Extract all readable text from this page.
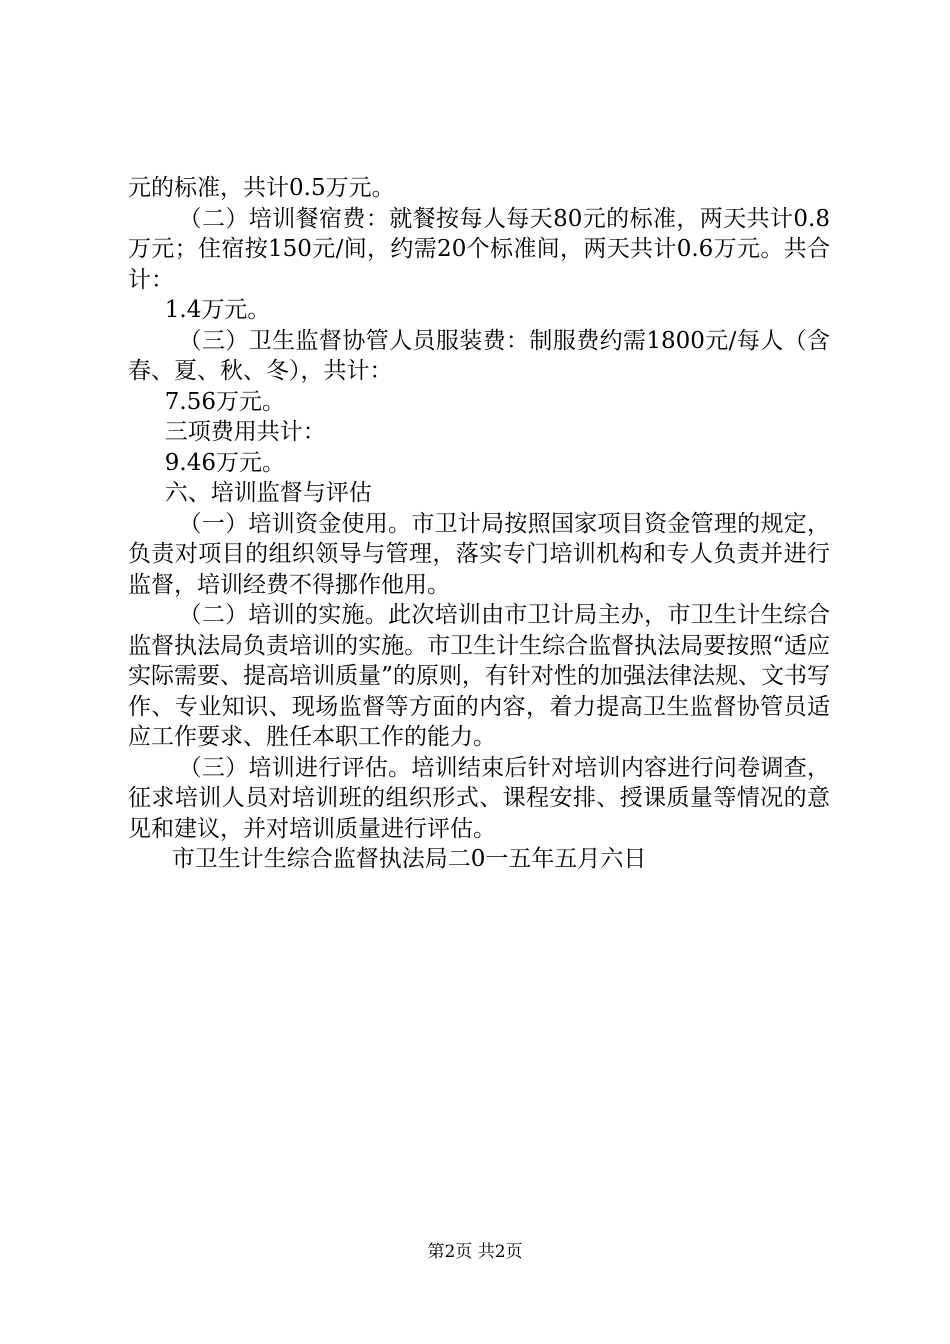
元的标准，共计0.5万元。

（二）培训餐宿费：就餐按每人每天80元的标准，两天共计0.8万元；住宿按150元/间，约需20个标准间，两天共计0.6万元。共合计：

1.4万元。

（三）卫生监督协管人员服装费：制服费约需1800元/每人（含春、夏、秋、冬），共计：

7.56万元。

三项费用共计：

9.46万元。

六、培训监督与评估

（一）培训资金使用。市卫计局按照国家项目资金管理的规定，负责对项目的组织领导与管理，落实专门培训机构和专人负责并进行监督，培训经费不得挪作他用。

（二）培训的实施。此次培训由市卫计局主办，市卫生计生综合监督执法局负责培训的实施。市卫生计生综合监督执法局要按照“适应实际需要、提高培训质量”的原则，有针对性的加强法律法规、文书写作、专业知识、现场监督等方面的内容，着力提高卫生监督协管员适应工作要求、胜任本职工作的能力。

（三）培训进行评估。培训结束后针对培训内容进行问卷调查，征求培训人员对培训班的组织形式、课程安排、授课质量等情况的意见和建议，并对培训质量进行评估。

市卫生计生综合监督执法局二0一五年五月六日

第2页 共2页
